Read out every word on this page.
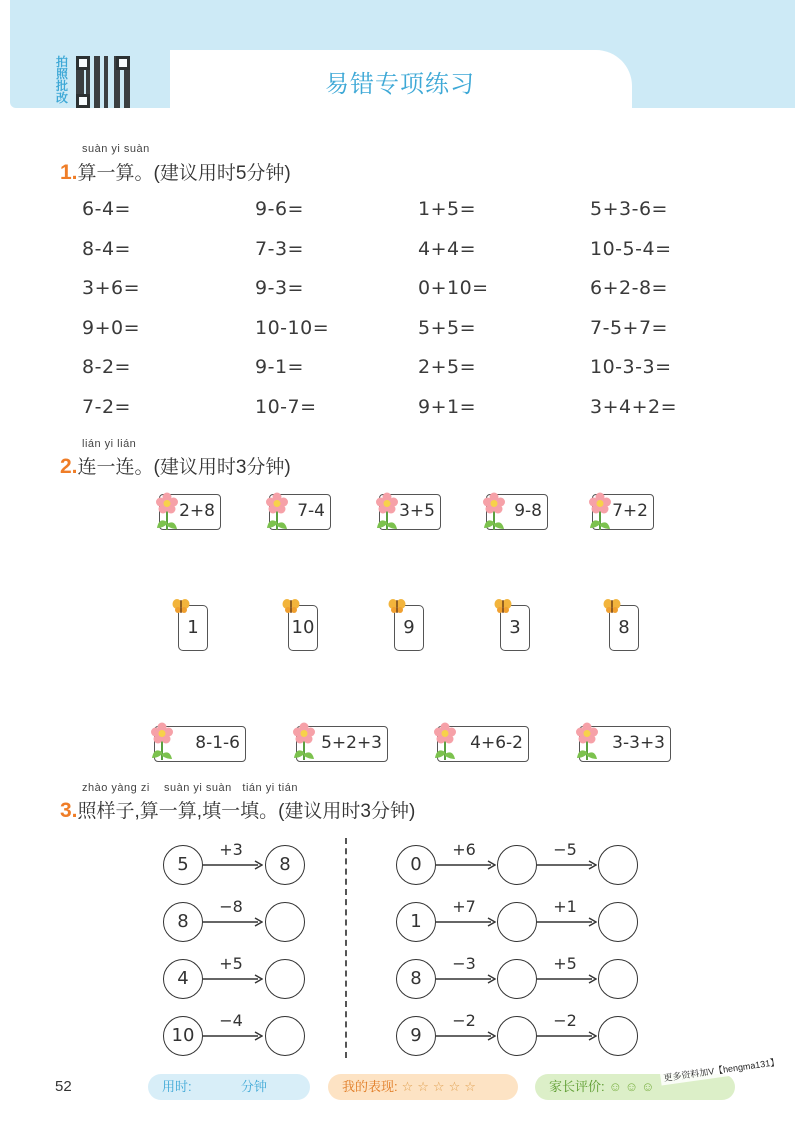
易错专项练习
拍照批改
suàn yi suàn
1.算一算。(建议用时5分钟)
6-4=	9-6=	1+5=	5+3-6=
8-4=	7-3=	4+4=	10-5-4=
3+6=	9-3=	0+10=	6+2-8=
9+0=	10-10=	5+5=	7-5+7=
8-2=	9-1=	2+5=	10-3-3=
7-2=	10-7=	9+1=	3+4+2=
lián yi lián
2.连一连。(建议用时3分钟)
2+8	7-4	3+5	9-8	7+2
1	10	9	3	8
8-1-6	5+2+3	4+6-2	3-3+3
zhào yàng zi    suàn yi suàn   tián yi tián
3.照样子,算一算,填一填。(建议用时3分钟)
5
+3
8
8
−8
4
+5
10
−4
0
+6	−5
1
+7	+1
8
−3	+5
9
−2	−2
52	用时:	分钟	我的表现: ☆☆☆☆☆	家长评价: ☺☺☺
更多资料加V【hengma131】
